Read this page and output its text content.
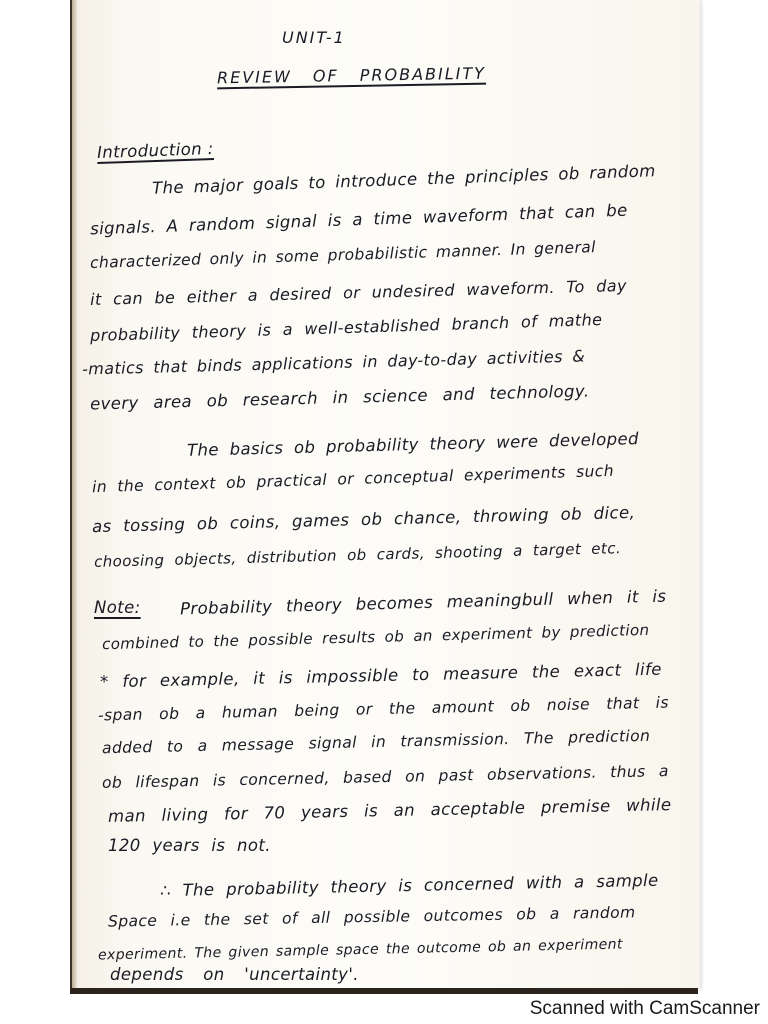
UNIT-1
REVIEW OF PROBABILITY
Introduction :
The major goals to introduce the principles ob random
signals. A random signal is a time waveform that can be
characterized only in some probabilistic manner. In general
it can be either a desired or undesired waveform. To day
probability theory is a well-established branch of mathe
-matics that binds applications in day-to-day activities &
every area ob research in science and technology.
The basics ob probability theory were developed
in the context ob practical or conceptual experiments such
as tossing ob coins, games ob chance, throwing ob dice,
choosing objects, distribution ob cards, shooting a target etc.
Note: Probability theory becomes meaningbull when it is
combined to the possible results ob an experiment by prediction
* for example, it is impossible to measure the exact life
-span ob a human being or the amount ob noise that is
added to a message signal in transmission. The prediction
ob lifespan is concerned, based on past observations. thus a
man living for 70 years is an acceptable premise while
120 years is not.
∴ The probability theory is concerned with a sample
Space i.e the set of all possible outcomes ob a random
experiment. The given sample space the outcome ob an experiment
depends on 'uncertainty'.
Scanned with CamScanner
